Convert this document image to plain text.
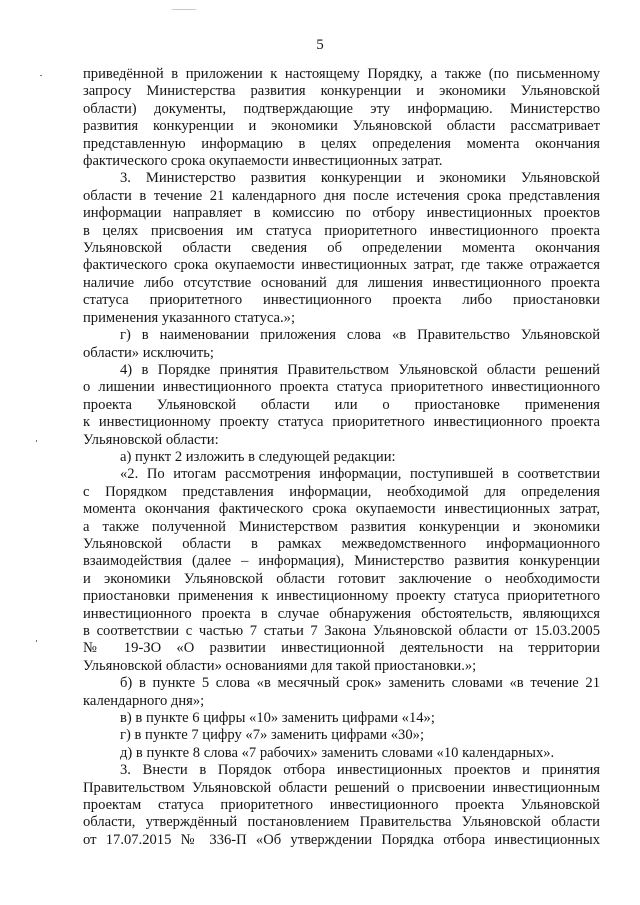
5
приведённой в приложении к настоящему Порядку, а также (по письменному
запросу Министерства развития конкуренции и экономики Ульяновской
области) документы, подтверждающие эту информацию. Министерство
развития конкуренции и экономики Ульяновской области рассматривает
представленную информацию в целях определения момента окончания
фактического срока окупаемости инвестиционных затрат.
3. Министерство развития конкуренции и экономики Ульяновской
области в течение 21 календарного дня после истечения срока представления
информации направляет в комиссию по отбору инвестиционных проектов
в целях присвоения им статуса приоритетного инвестиционного проекта
Ульяновской области сведения об определении момента окончания
фактического срока окупаемости инвестиционных затрат, где также отражается
наличие либо отсутствие оснований для лишения инвестиционного проекта
статуса приоритетного инвестиционного проекта либо приостановки
применения указанного статуса.»;
г) в наименовании приложения слова «в Правительство Ульяновской
области» исключить;
4) в Порядке принятия Правительством Ульяновской области решений
о лишении инвестиционного проекта статуса приоритетного инвестиционного
проекта Ульяновской области или о приостановке применения
к инвестиционному проекту статуса приоритетного инвестиционного проекта
Ульяновской области:
а) пункт 2 изложить в следующей редакции:
«2. По итогам рассмотрения информации, поступившей в соответствии
с Порядком представления информации, необходимой для определения
момента окончания фактического срока окупаемости инвестиционных затрат,
а также полученной Министерством развития конкуренции и экономики
Ульяновской области в рамках межведомственного информационного
взаимодействия (далее – информация), Министерство развития конкуренции
и экономики Ульяновской области готовит заключение о необходимости
приостановки применения к инвестиционному проекту статуса приоритетного
инвестиционного проекта в случае обнаружения обстоятельств, являющихся
в соответствии с частью 7 статьи 7 Закона Ульяновской области от 15.03.2005
№ 19-ЗО «О развитии инвестиционной деятельности на территории
Ульяновской области» основаниями для такой приостановки.»;
б) в пункте 5 слова «в месячный срок» заменить словами «в течение 21
календарного дня»;
в) в пункте 6 цифры «10» заменить цифрами «14»;
г) в пункте 7 цифру «7» заменить цифрами «30»;
д) в пункте 8 слова «7 рабочих» заменить словами «10 календарных».
3. Внести в Порядок отбора инвестиционных проектов и принятия
Правительством Ульяновской области решений о присвоении инвестиционным
проектам статуса приоритетного инвестиционного проекта Ульяновской
области, утверждённый постановлением Правительства Ульяновской области
от 17.07.2015 № 336-П «Об утверждении Порядка отбора инвестиционных
